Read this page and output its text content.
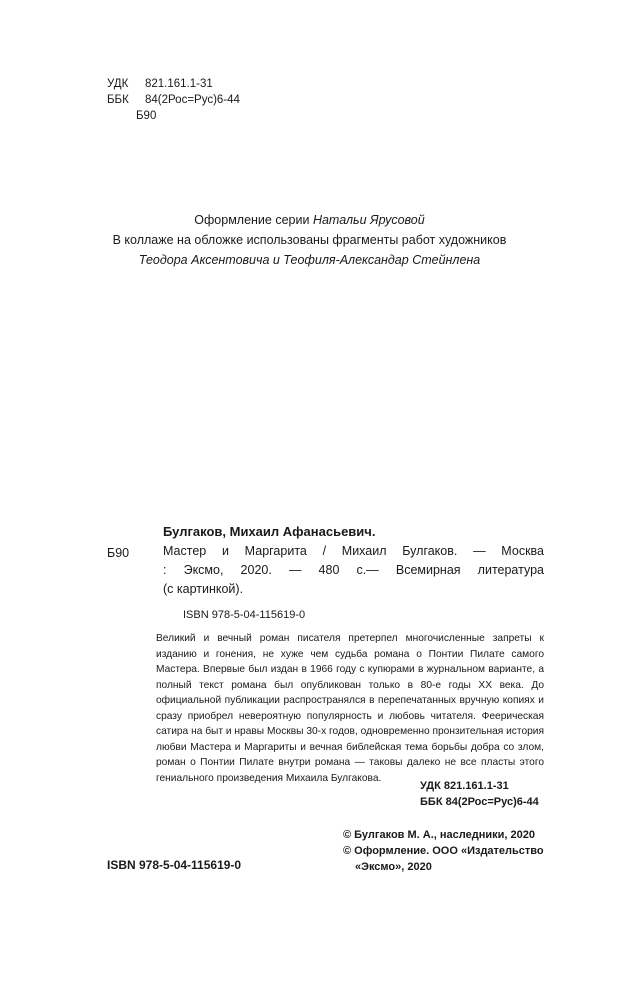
УДК 821.161.1-31
ББК 84(2Рос=Рус)6-44
Б90
Оформление серии Натальи Ярусовой
В коллаже на обложке использованы фрагменты работ художников
Теодора Аксентовича и Теофиля-Александар Стейнлена
Булгаков, Михаил Афанасьевич.
Б90	Мастер и Маргарита / Михаил Булгаков. — Москва
: Эксмо, 2020. — 480 с.— Всемирная литература
(с картинкой).
ISBN 978-5-04-115619-0
Великий и вечный роман писателя претерпел многочисленные запреты к изданию и гонения, не хуже чем судьба романа о Понтии Пилате самого Мастера. Впервые был издан в 1966 году с купюрами в журнальном варианте, а полный текст романа был опубликован только в 80-е годы XX века. До официальной публикации распространялся в перепечатанных вручную копиях и сразу приобрел невероятную популярность и любовь читателя. Феерическая сатира на быт и нравы Москвы 30-х годов, одновременно пронзительная история любви Мастера и Маргариты и вечная библейская тема борьбы добра со злом, роман о Понтии Пилате внутри романа — таковы далеко не все пласты этого гениального произведения Михаила Булгакова.
УДК 821.161.1-31
ББК 84(2Рос=Рус)6-44
© Булгаков М. А., наследники, 2020
© Оформление. ООО «Издательство
«Эксмо», 2020
ISBN 978-5-04-115619-0
